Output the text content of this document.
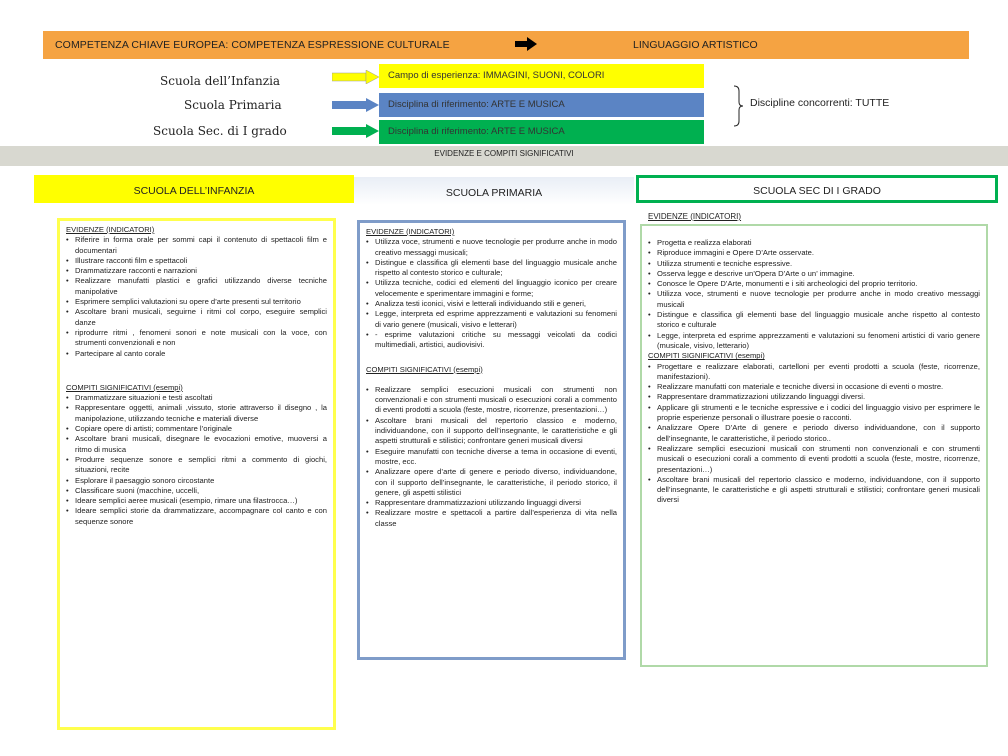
COMPETENZA CHIAVE EUROPEA: COMPETENZA ESPRESSIONE CULTURALE	LINGUAGGIO ARTISTICO
Scuola dell’Infanzia
Scuola Primaria
Scuola Sec. di I grado
Campo di esperienza: IMMAGINI, SUONI, COLORI
Disciplina di riferimento: ARTE E MUSICA
Disciplina di riferimento: ARTE E MUSICA
Discipline concorrenti: TUTTE
EVIDENZE E COMPITI SIGNIFICATIVI
SCUOLA DELL’INFANZIA	SCUOLA PRIMARIA	SCUOLA SEC DI I GRADO
EVIDENZE (INDICATORI)
EVIDENZE (INDICATORI)
• Riferire in forma orale per sommi capi il contenuto di spettacoli film e documentari
• Illustrare racconti film e spettacoli
• Drammatizzare racconti e narrazioni
• Realizzare manufatti plastici e grafici utilizzando diverse tecniche manipolative
• Esprimere semplici valutazioni su opere d’arte presenti sul territorio
• Ascoltare brani musicali, seguirne i ritmi col corpo, eseguire semplici danze
• riprodurre ritmi , fenomeni sonori e note musicali con la voce, con strumenti convenzionali e non
• Partecipare al canto corale
COMPITI SIGNIFICATIVI (esempi)
• Drammatizzare situazioni e testi ascoltati
• Rappresentare oggetti, animali ,vissuto, storie attraverso il disegno , la manipolazione, utilizzando tecniche e materiali diverse
• Copiare opere di artisti; commentare l’originale
• Ascoltare brani musicali, disegnare le evocazioni emotive, muoversi a ritmo di musica
• Produrre sequenze sonore e semplici ritmi a commento di giochi, situazioni, recite
• Esplorare il paesaggio sonoro circostante
• Classificare suoni (macchine, uccelli,
• Ideare semplici aeree musicali (esempio, rimare una filastrocca…)
• Ideare semplici storie da drammatizzare, accompagnare col canto e con sequenze sonore
EVIDENZE (INDICATORI)
• Utilizza voce, strumenti e nuove tecnologie per produrre anche in modo creativo messaggi musicali;
• Distingue e classifica gli elementi base del linguaggio musicale anche rispetto al contesto storico e culturale;
• Utilizza tecniche, codici ed elementi del linguaggio iconico per creare velocemente e sperimentare immagini e forme;
• Analizza testi iconici, visivi e letterali individuando stili e generi,
• Legge, interpreta ed esprime apprezzamenti e valutazioni su fenomeni di vario genere (musicali, visivo e letterari)
• - esprime valutazioni critiche su messaggi veicolati da codici multimediali, artistici, audiovisivi.
COMPITI SIGNIFICATIVI (esempi)
• Realizzare semplici esecuzioni musicali con strumenti non convenzionali e con strumenti musicali o esecuzioni corali a commento di eventi prodotti a scuola (feste, mostre, ricorrenze, presentazioni…)
• Ascoltare brani musicali del repertorio classico e moderno, individuandone, con il supporto dell’insegnante, le caratteristiche e gli aspetti strutturali e stilistici; confrontare generi musicali diversi
• Eseguire manufatti con tecniche diverse a tema in occasione di eventi, mostre, ecc.
• Analizzare opere d’arte di genere e periodo diverso, individuandone, con il supporto dell’insegnante, le caratteristiche, il periodo storico, il genere, gli aspetti stilistici
• Rappresentare drammatizzazioni utilizzando linguaggi diversi
• Realizzare mostre e spettacoli a partire dall’esperienza di vita nella classe
• Progetta e realizza elaborati
• Riproduce immagini e Opere D’Arte osservate.
• Utilizza strumenti e tecniche espressive.
• Osserva legge e descrive un’Opera D’Arte o un’ immagine.
• Conosce le Opere D’Arte, monumenti e i siti archeologici del proprio territorio.
• Utilizza voce, strumenti e nuove tecnologie per produrre anche in modo creativo messaggi musicali
• Distingue e classifica gli elementi base del linguaggio musicale anche rispetto al contesto storico e culturale
• Legge, interpreta ed esprime apprezzamenti e valutazioni su fenomeni artistici di vario genere (musicale, visivo, letterario)
COMPITI SIGNIFICATIVI (esempi)
• Progettare e realizzare elaborati, cartelloni per eventi prodotti a scuola (feste, ricorrenze, manifestazioni).
• Realizzare manufatti con materiale e tecniche diversi in occasione di eventi o mostre.
• Rappresentare drammatizzazioni utilizzando linguaggi diversi.
• Applicare gli strumenti e le tecniche espressive e i codici del linguaggio visivo per esprimere le proprie esperienze personali o illustrare poesie o racconti.
• Analizzare Opere D’Arte di genere e periodo diverso individuandone, con il supporto dell’insegnante, le caratteristiche, il periodo storico..
• Realizzare semplici esecuzioni musicali con strumenti non convenzionali e con strumenti musicali o esecuzioni corali a commento di eventi prodotti a scuola (feste, mostre, ricorrenze, presentazioni…)
• Ascoltare brani musicali del repertorio classico e moderno, individuandone, con il supporto dell’insegnante, le caratteristiche e gli aspetti strutturali e stilistici; confrontare generi musicali diversi
